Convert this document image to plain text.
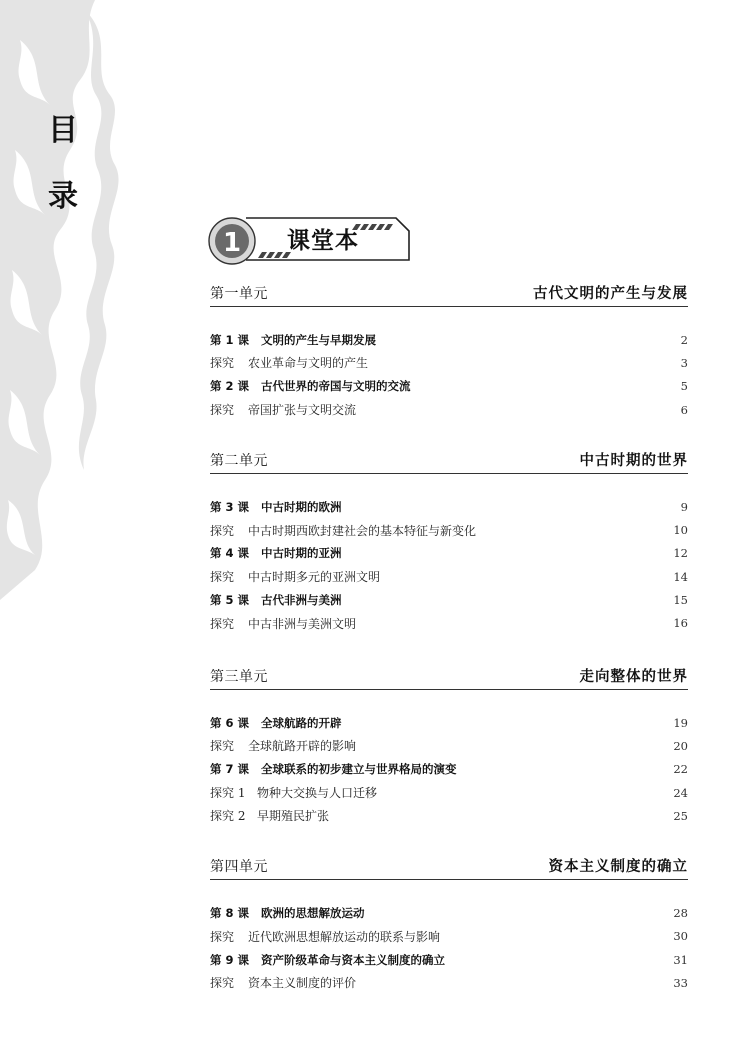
目
录
1 课堂本
第一单元	古代文明的产生与发展
第 1 课 文明的产生与早期发展	2
探究 农业革命与文明的产生	3
第 2 课 古代世界的帝国与文明的交流	5
探究 帝国扩张与文明交流	6
第二单元	中古时期的世界
第 3 课 中古时期的欧洲	9
探究 中古时期西欧封建社会的基本特征与新变化	10
第 4 课 中古时期的亚洲	12
探究 中古时期多元的亚洲文明	14
第 5 课 古代非洲与美洲	15
探究 中古非洲与美洲文明	16
第三单元	走向整体的世界
第 6 课 全球航路的开辟	19
探究 全球航路开辟的影响	20
第 7 课 全球联系的初步建立与世界格局的演变	22
探究 1 物种大交换与人口迁移	24
探究 2 早期殖民扩张	25
第四单元	资本主义制度的确立
第 8 课 欧洲的思想解放运动	28
探究 近代欧洲思想解放运动的联系与影响	30
第 9 课 资产阶级革命与资本主义制度的确立	31
探究 资本主义制度的评价	33
